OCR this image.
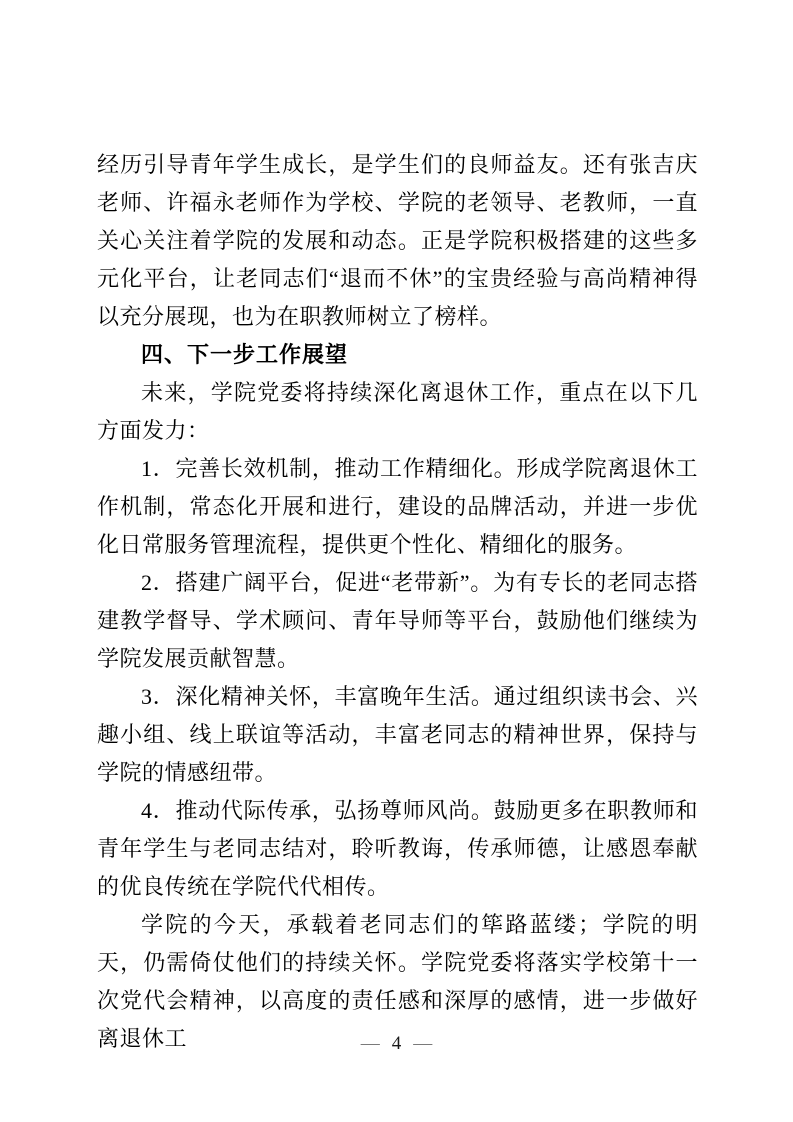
经历引导青年学生成长，是学生们的良师益友。还有张吉庆老师、许福永老师作为学校、学院的老领导、老教师，一直关心关注着学院的发展和动态。正是学院积极搭建的这些多元化平台，让老同志们“退而不休”的宝贵经验与高尚精神得以充分展现，也为在职教师树立了榜样。

四、下一步工作展望

未来，学院党委将持续深化离退休工作，重点在以下几方面发力：

1．完善长效机制，推动工作精细化。形成学院离退休工作机制，常态化开展和进行，建设的品牌活动，并进一步优化日常服务管理流程，提供更个性化、精细化的服务。

2．搭建广阔平台，促进“老带新”。为有专长的老同志搭建教学督导、学术顾问、青年导师等平台，鼓励他们继续为学院发展贡献智慧。

3．深化精神关怀，丰富晚年生活。通过组织读书会、兴趣小组、线上联谊等活动，丰富老同志的精神世界，保持与学院的情感纽带。

4．推动代际传承，弘扬尊师风尚。鼓励更多在职教师和青年学生与老同志结对，聆听教诲，传承师德，让感恩奉献的优良传统在学院代代相传。

学院的今天，承载着老同志们的筚路蓝缕；学院的明天，仍需倚仗他们的持续关怀。学院党委将落实学校第十一次党代会精神，以高度的责任感和深厚的感情，进一步做好离退休工	— 4 —
